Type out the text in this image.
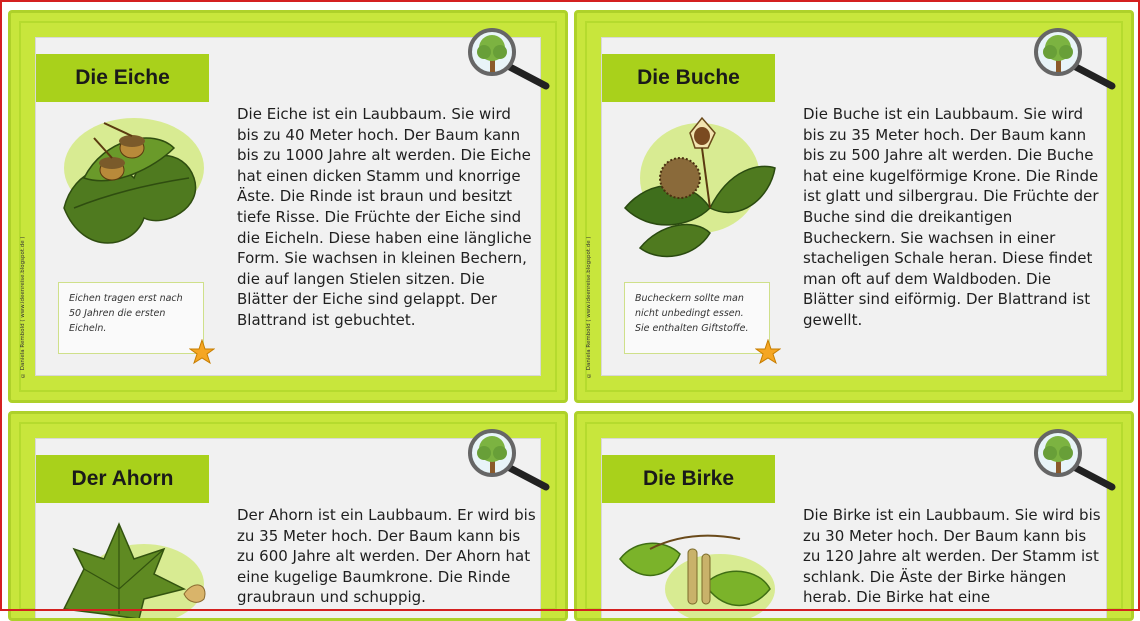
Die Eiche

Die Eiche ist ein Laubbaum. Sie wird bis zu 40 Meter hoch. Der Baum kann bis zu 1000 Jahre alt werden. Die Eiche hat einen dicken Stamm und knorrige Äste. Die Rinde ist braun und besitzt tiefe Risse. Die Früchte der Eiche sind die Eicheln. Diese haben eine längliche Form. Sie wachsen in kleinen Bechern, die auf langen Stielen sitzen. Die Blätter der Eiche sind gelappt. Der Blattrand ist gebuchtet.

Eichen tragen erst nach 50 Jahren die ersten Eicheln.
© Daniela Rembold ( www.ideenreise.blogspot.de )
Die Buche

Die Buche ist ein Laubbaum. Sie wird bis zu 35 Meter hoch. Der Baum kann bis zu 500 Jahre alt werden. Die Buche hat eine kugelförmige Krone. Die Rinde ist glatt und silbergrau. Die Früchte der Buche sind die dreikantigen Bucheckern. Sie wachsen in einer stacheligen Schale heran. Diese findet man oft auf dem Waldboden. Die Blätter sind eiförmig. Der Blattrand ist gewellt.

Bucheckern sollte man nicht unbedingt essen. Sie enthalten Giftstoffe.
© Daniela Rembold ( www.ideenreise.blogspot.de )
Der Ahorn

Der Ahorn ist ein Laubbaum. Er wird bis zu 35 Meter hoch. Der Baum kann bis zu 600 Jahre alt werden. Der Ahorn hat eine kugelige Baumkrone. Die Rinde graubraun und schuppig.

Die Birke

Die Birke ist ein Laubbaum. Sie wird bis zu 30 Meter hoch. Der Baum kann bis zu 120 Jahre alt werden. Der Stamm ist schlank. Die Äste der Birke hängen herab. Die Birke hat eine
